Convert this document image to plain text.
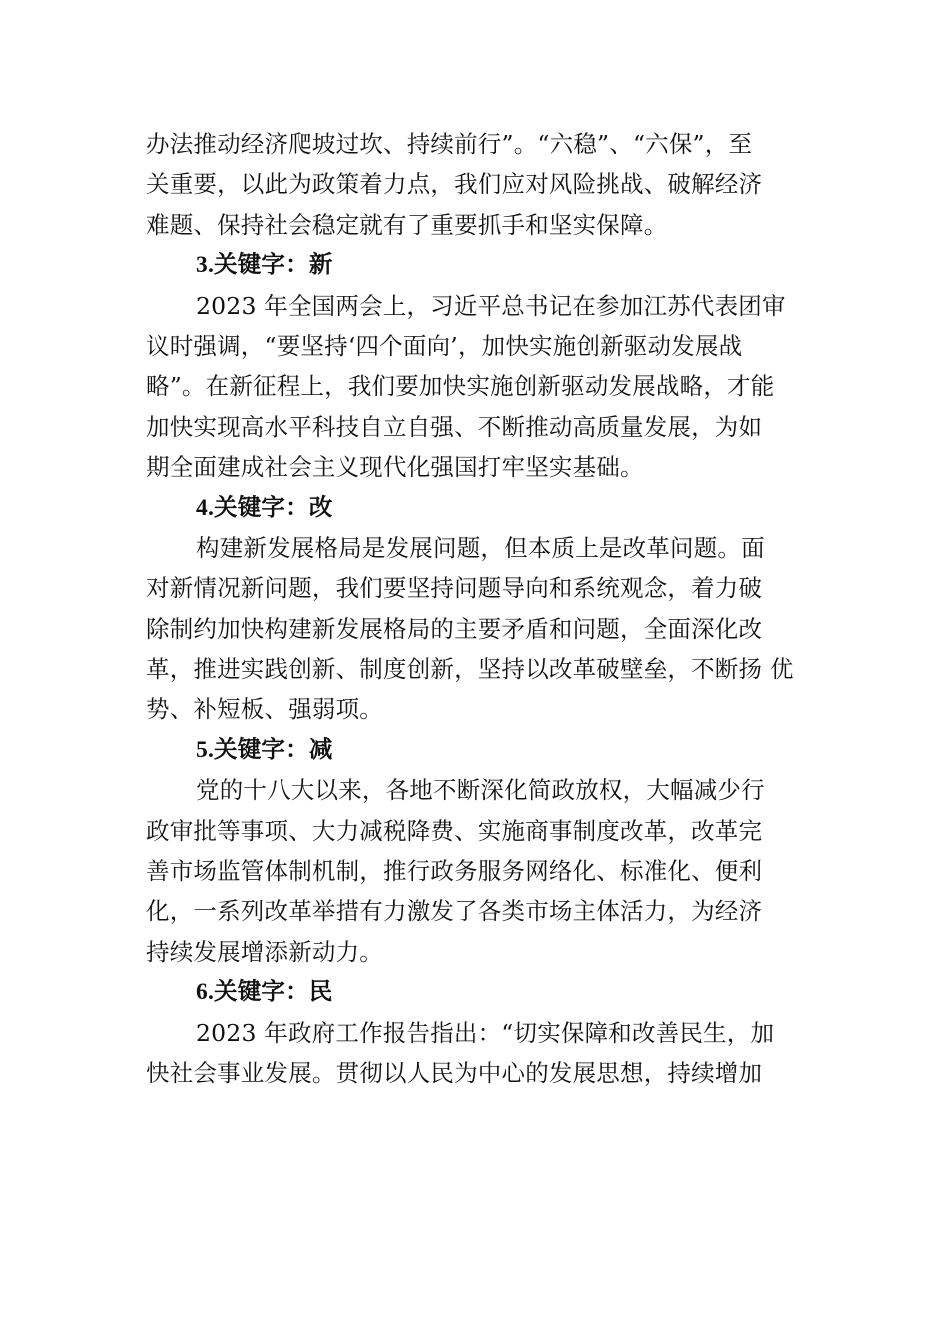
办法推动经济爬坡过坎、持续前行”。“六稳”、“六保”，至
关重要，以此为政策着力点，我们应对风险挑战、破解经济
难题、保持社会稳定就有了重要抓手和坚实保障。
3.关键字：新
2023 年全国两会上，习近平总书记在参加江苏代表团审
议时强调，“要坚持‘四个面向’，加快实施创新驱动发展战
略”。在新征程上，我们要加快实施创新驱动发展战略，才能
加快实现高水平科技自立自强、不断推动高质量发展，为如
期全面建成社会主义现代化强国打牢坚实基础。
4.关键字：改
构建新发展格局是发展问题，但本质上是改革问题。面
对新情况新问题，我们要坚持问题导向和系统观念，着力破
除制约加快构建新发展格局的主要矛盾和问题，全面深化改
革，推进实践创新、制度创新，坚持以改革破壁垒，不断扬 优
势、补短板、强弱项。
5.关键字：减
党的十八大以来，各地不断深化简政放权，大幅减少行
政审批等事项、大力减税降费、实施商事制度改革，改革完
善市场监管体制机制，推行政务服务网络化、标准化、便利
化，一系列改革举措有力激发了各类市场主体活力，为经济
持续发展增添新动力。
6.关键字：民
2023 年政府工作报告指出：“切实保障和改善民生，加
快社会事业发展。贯彻以人民为中心的发展思想，持续增加
